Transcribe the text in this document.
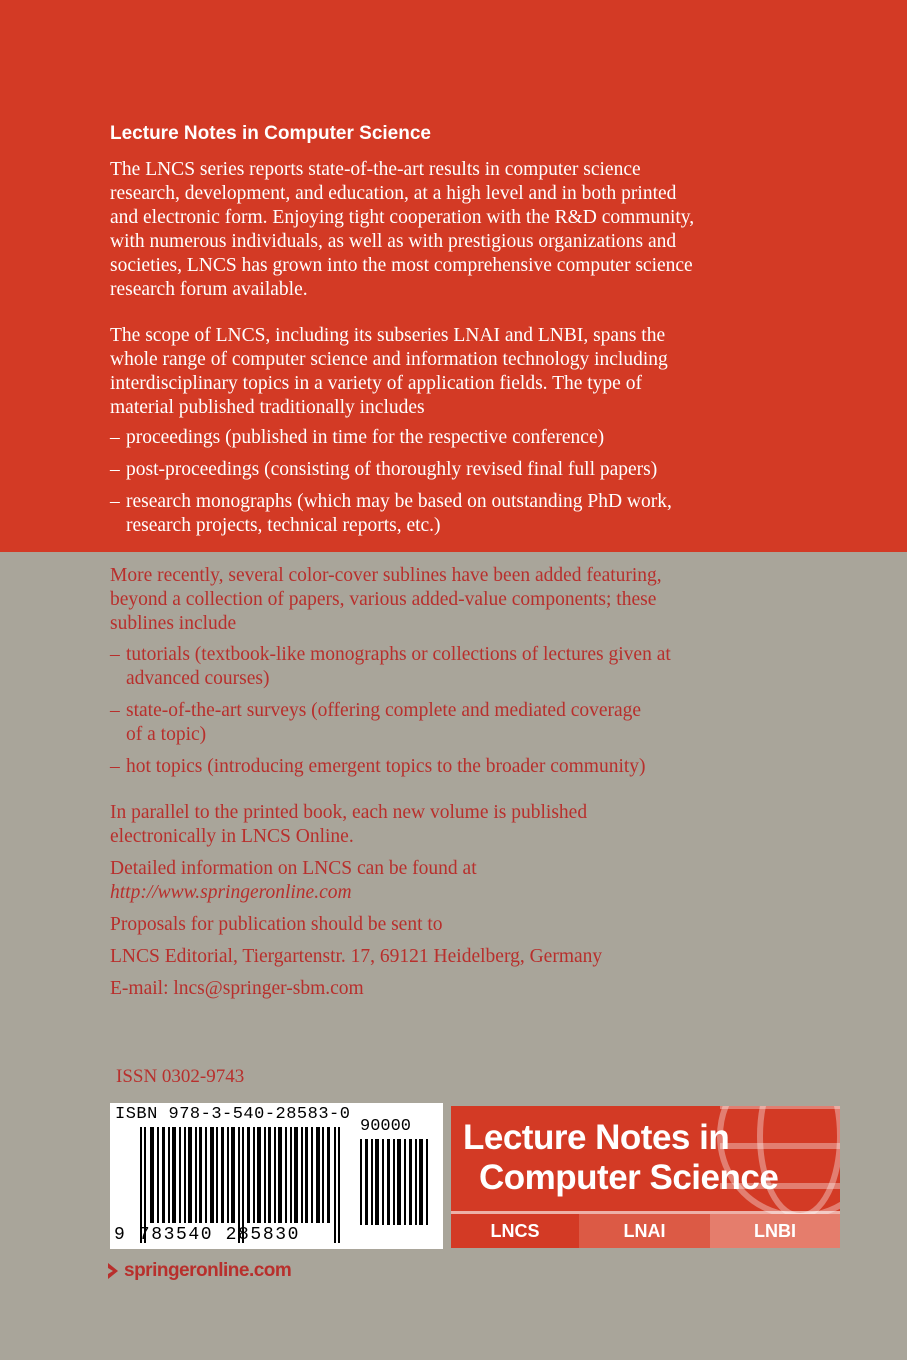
Lecture Notes in Computer Science
The LNCS series reports state-of-the-art results in computer science
research, development, and education, at a high level and in both printed
and electronic form. Enjoying tight cooperation with the R&D community,
with numerous individuals, as well as with prestigious organizations and
societies, LNCS has grown into the most comprehensive computer science
research forum available.
The scope of LNCS, including its subseries LNAI and LNBI, spans the
whole range of computer science and information technology including
interdisciplinary topics in a variety of application fields. The type of
material published traditionally includes
– proceedings (published in time for the respective conference)
– post-proceedings (consisting of thoroughly revised final full papers)
– research monographs (which may be based on outstanding PhD work,
research projects, technical reports, etc.)
More recently, several color-cover sublines have been added featuring,
beyond a collection of papers, various added-value components; these
sublines include
– tutorials (textbook-like monographs or collections of lectures given at
advanced courses)
– state-of-the-art surveys (offering complete and mediated coverage
of a topic)
– hot topics (introducing emergent topics to the broader community)
In parallel to the printed book, each new volume is published
electronically in LNCS Online.
Detailed information on LNCS can be found at
http://www.springeronline.com
Proposals for publication should be sent to
LNCS Editorial, Tiergartenstr. 17, 69121 Heidelberg, Germany
E-mail: lncs@springer-sbm.com
ISSN 0302-9743
ISBN 978-3-540-28583-0
90000
9 783540 285830
Lecture Notes in
Computer Science
LNCS	LNAI	LNBI
springeronline.com
